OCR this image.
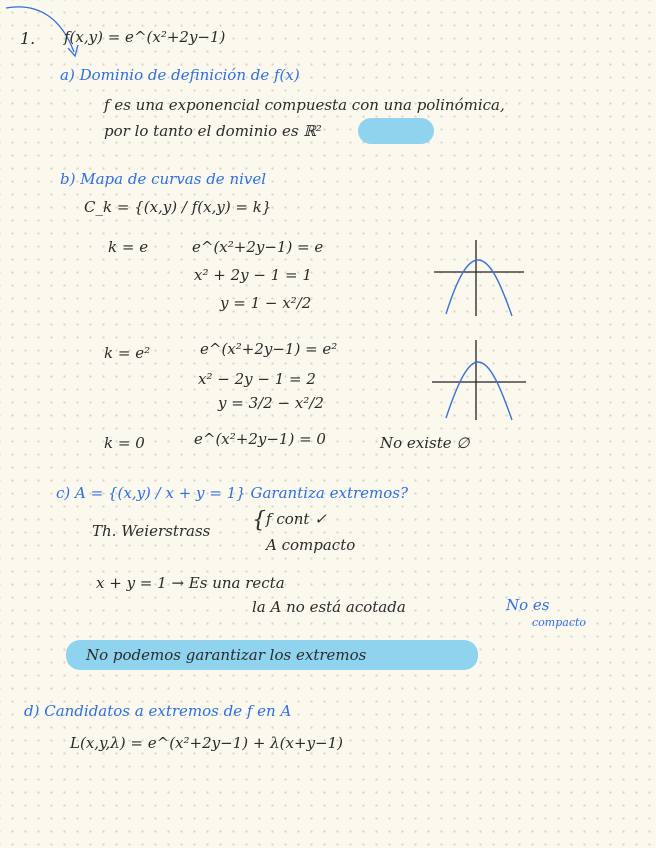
1. f(x,y) = e^(x²+2y−1)
a) Dominio de definición de f(x)
f es una exponencial compuesta con una polinómica,
por lo tanto el dominio es ℝ²
b) Mapa de curvas de nivel
C_k = {(x,y) / f(x,y) = k}
k = e	e^(x²+2y−1) = e
x² + 2y − 1 = 1
y = 1 − x²/2
k = e²	e^(x²+2y−1) = e²
x² − 2y − 1 = 2
y = 3/2 − x²/2
k = 0	e^(x²+2y−1) = 0	No existe ∅
c) A = {(x,y) / x + y = 1} Garantiza extremos?
Th. Weierstrass { f cont ✓
A compacto
x + y = 1 → Es una recta
la A no está acotada	No es
compacto
No podemos garantizar los extremos
d) Candidatos a extremos de f en A
L(x,y,λ) = e^(x²+2y−1) + λ(x+y−1)
